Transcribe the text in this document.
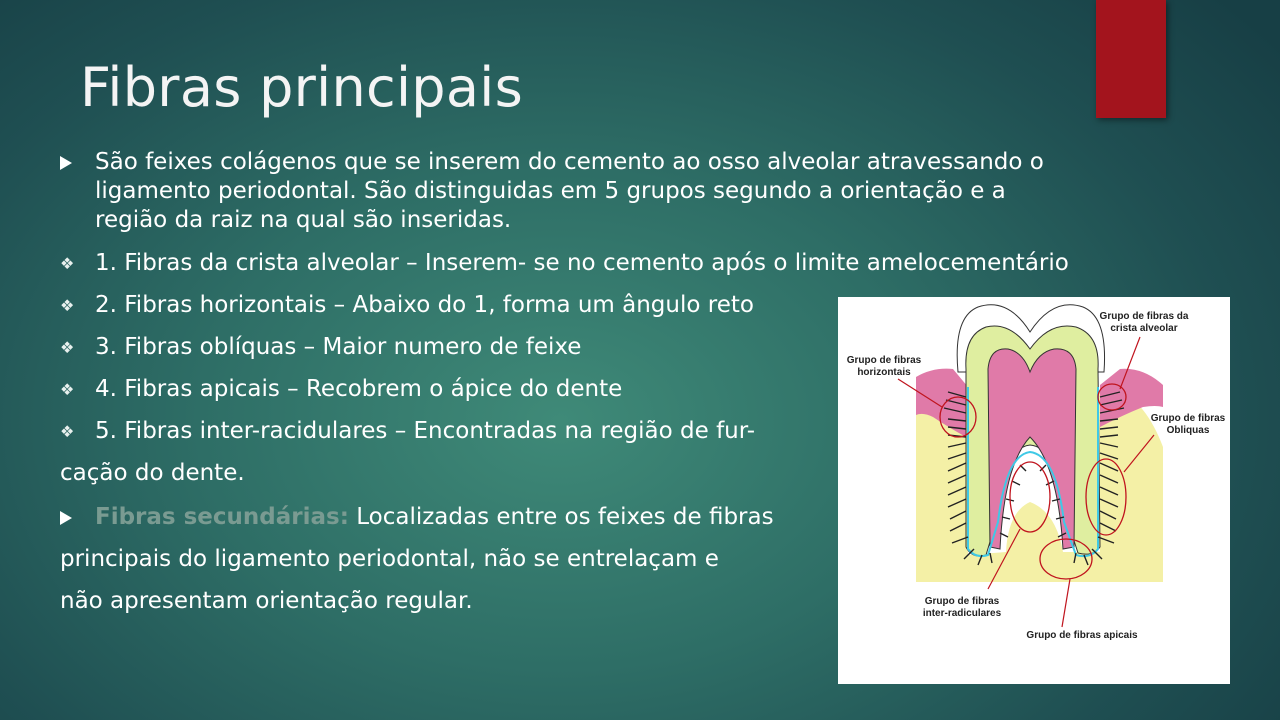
Fibras principais
São feixes colágenos que se inserem do cemento ao osso alveolar atravessando o
ligamento periodontal. São distinguidas em 5 grupos segundo a orientação e a
região da raiz na qual são inseridas.
❖ 1. Fibras da crista alveolar – Inserem- se no cemento após o limite amelocementário
❖ 2. Fibras horizontais – Abaixo do 1, forma um ângulo reto
❖ 3. Fibras oblíquas – Maior numero de feixe
❖ 4. Fibras apicais – Recobrem o ápice do dente
❖ 5. Fibras inter-racidulares – Encontradas na região de fur-
cação do dente.
Fibras secundárias: Localizadas entre os feixes de fibras
principais do ligamento periodontal, não se entrelaçam e
não apresentam orientação regular.
Grupo de fibras da
crista alveolar
Grupo de fibras
horizontais
Grupo de fibras
Obliquas
Grupo de fibras
inter-radiculares
Grupo de fibras apicais
